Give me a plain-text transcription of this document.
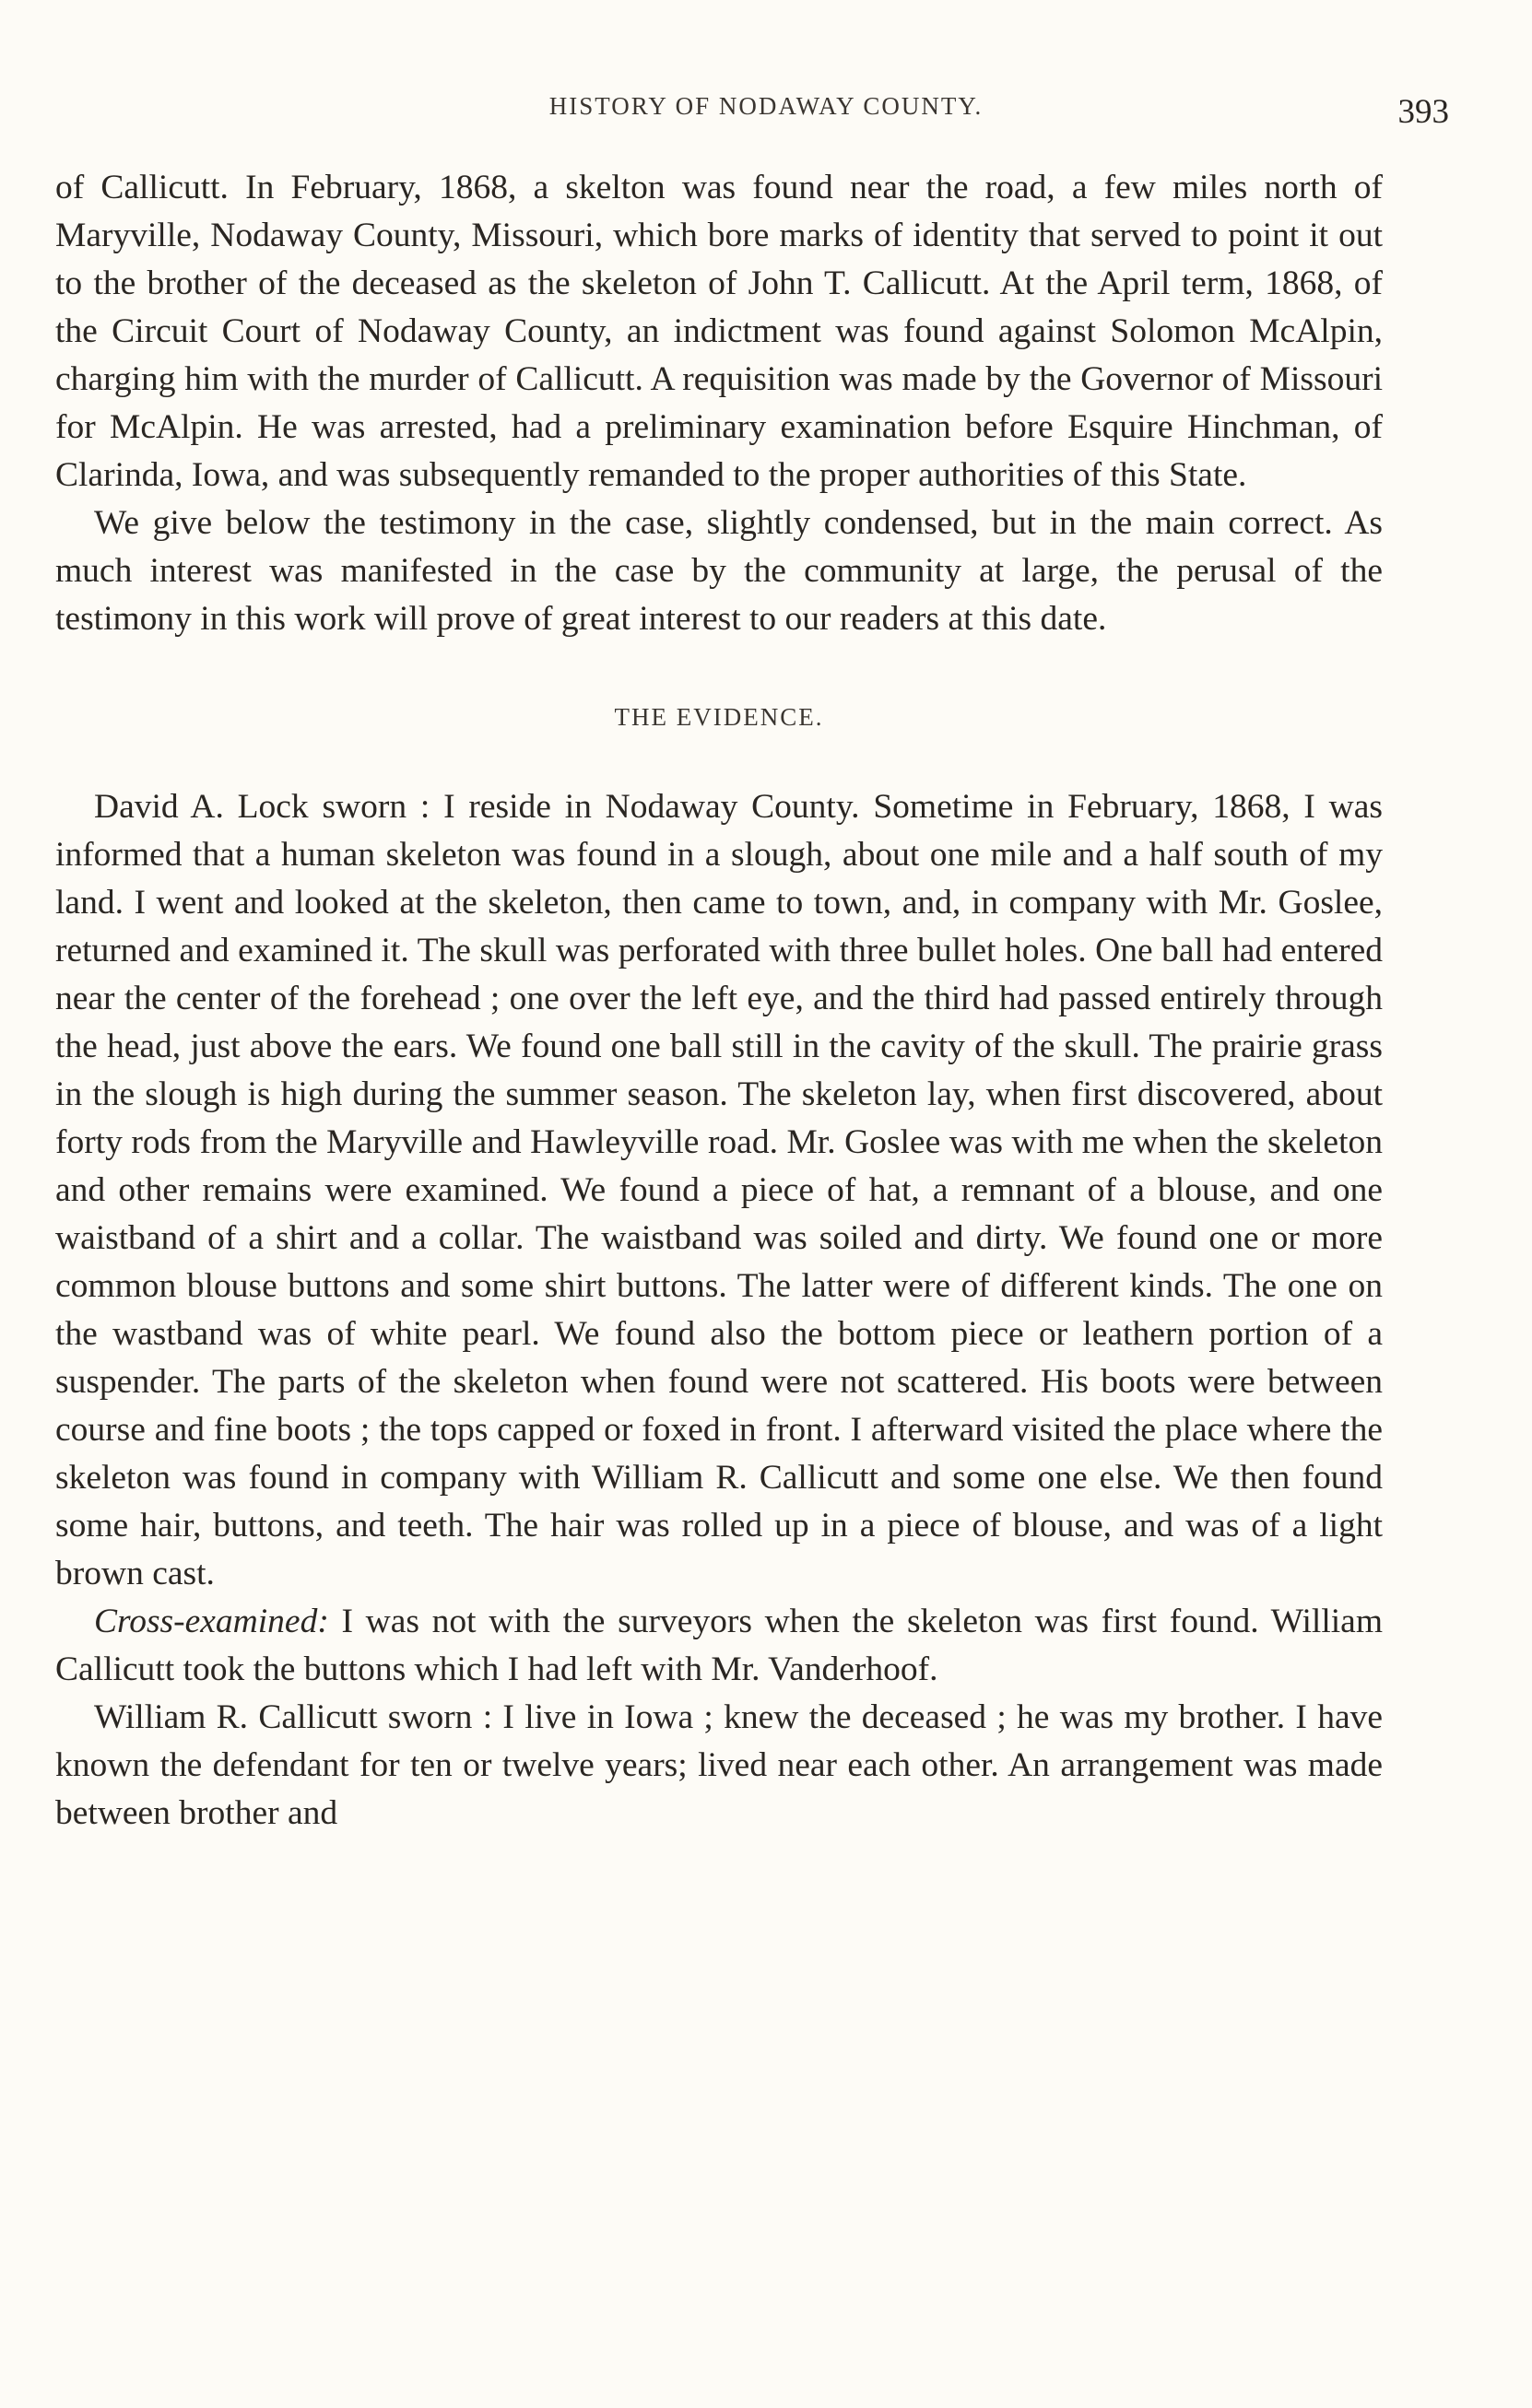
HISTORY OF NODAWAY COUNTY.	393

of Callicutt. In February, 1868, a skelton was found near the road, a few miles north of Maryville, Nodaway County, Missouri, which bore marks of identity that served to point it out to the brother of the deceased as the skeleton of John T. Callicutt. At the April term, 1868, of the Circuit Court of Nodaway County, an indictment was found against Solomon McAlpin, charging him with the murder of Callicutt. A requisition was made by the Governor of Missouri for McAlpin. He was arrested, had a preliminary examination before Esquire Hinchman, of Clarinda, Iowa, and was subsequently remanded to the proper authorities of this State.

We give below the testimony in the case, slightly condensed, but in the main correct. As much interest was manifested in the case by the community at large, the perusal of the testimony in this work will prove of great interest to our readers at this date.

THE EVIDENCE.

David A. Lock sworn : I reside in Nodaway County. Sometime in February, 1868, I was informed that a human skeleton was found in a slough, about one mile and a half south of my land. I went and looked at the skeleton, then came to town, and, in company with Mr. Goslee, returned and examined it. The skull was perforated with three bullet holes. One ball had entered near the center of the forehead ; one over the left eye, and the third had passed entirely through the head, just above the ears. We found one ball still in the cavity of the skull. The prairie grass in the slough is high during the summer season. The skeleton lay, when first discovered, about forty rods from the Maryville and Hawleyville road. Mr. Goslee was with me when the skeleton and other remains were examined. We found a piece of hat, a remnant of a blouse, and one waistband of a shirt and a collar. The waistband was soiled and dirty. We found one or more common blouse buttons and some shirt buttons. The latter were of different kinds. The one on the wastband was of white pearl. We found also the bottom piece or leathern portion of a suspender. The parts of the skeleton when found were not scattered. His boots were between course and fine boots ; the tops capped or foxed in front. I afterward visited the place where the skeleton was found in company with William R. Callicutt and some one else. We then found some hair, buttons, and teeth. The hair was rolled up in a piece of blouse, and was of a light brown cast.

Cross-examined: I was not with the surveyors when the skeleton was first found. William Callicutt took the buttons which I had left with Mr. Vanderhoof.

William R. Callicutt sworn : I live in Iowa ; knew the deceased ; he was my brother. I have known the defendant for ten or twelve years; lived near each other. An arrangement was made between brother and
